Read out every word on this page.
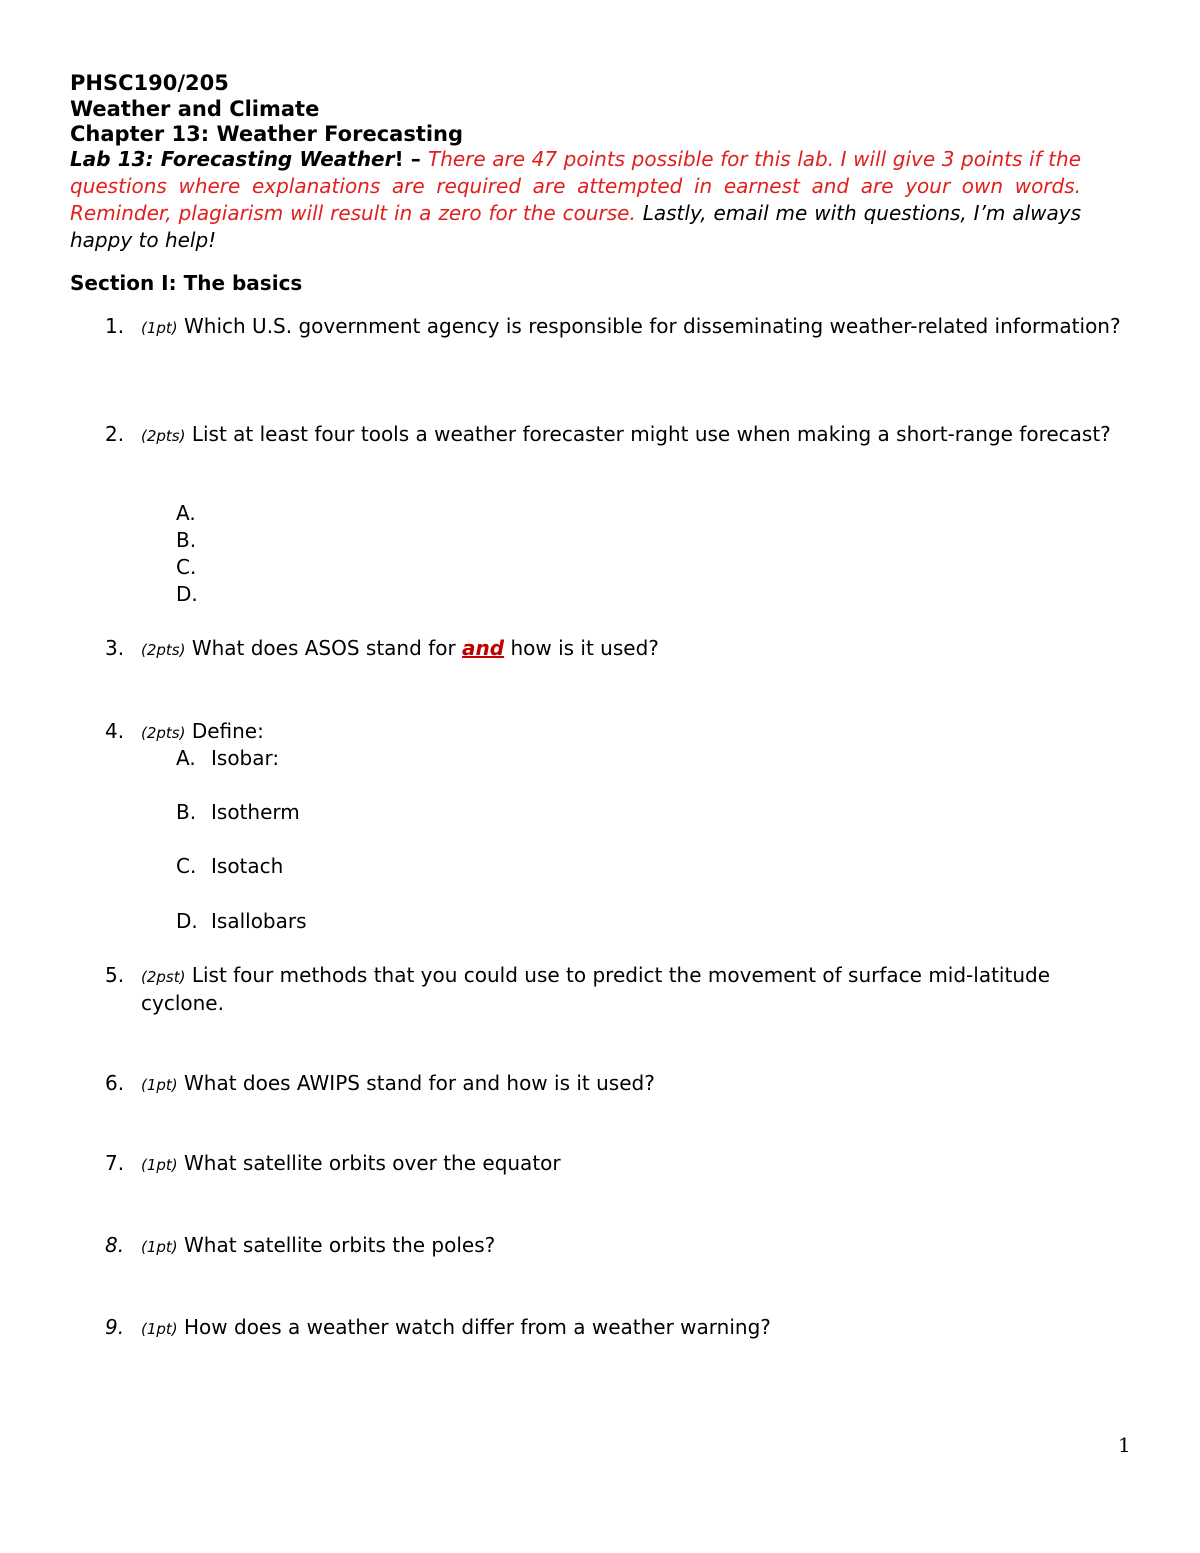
PHSC190/205
Weather and Climate
Chapter 13: Weather Forecasting
Lab 13: Forecasting Weather! – There are 47 points possible for this lab. I will give 3 points if the questions where explanations are required are attempted in earnest and are your own words. Reminder, plagiarism will result in a zero for the course. Lastly, email me with questions, I’m always happy to help!
Section I: The basics
1.	(1pt) Which U.S. government agency is responsible for disseminating weather-related information?
2.	(2pts) List at least four tools a weather forecaster might use when making a short-range forecast?
A.
B.
C.
D.
3.	(2pts) What does ASOS stand for and how is it used?
4.	(2pts) Define:
A. Isobar:
B. Isotherm
C. Isotach
D. Isallobars
5.	(2pst) List four methods that you could use to predict the movement of surface mid-latitude cyclone.
6.	(1pt) What does AWIPS stand for and how is it used?
7.	(1pt) What satellite orbits over the equator
8.	(1pt) What satellite orbits the poles?
9.	(1pt) How does a weather watch differ from a weather warning?
1
